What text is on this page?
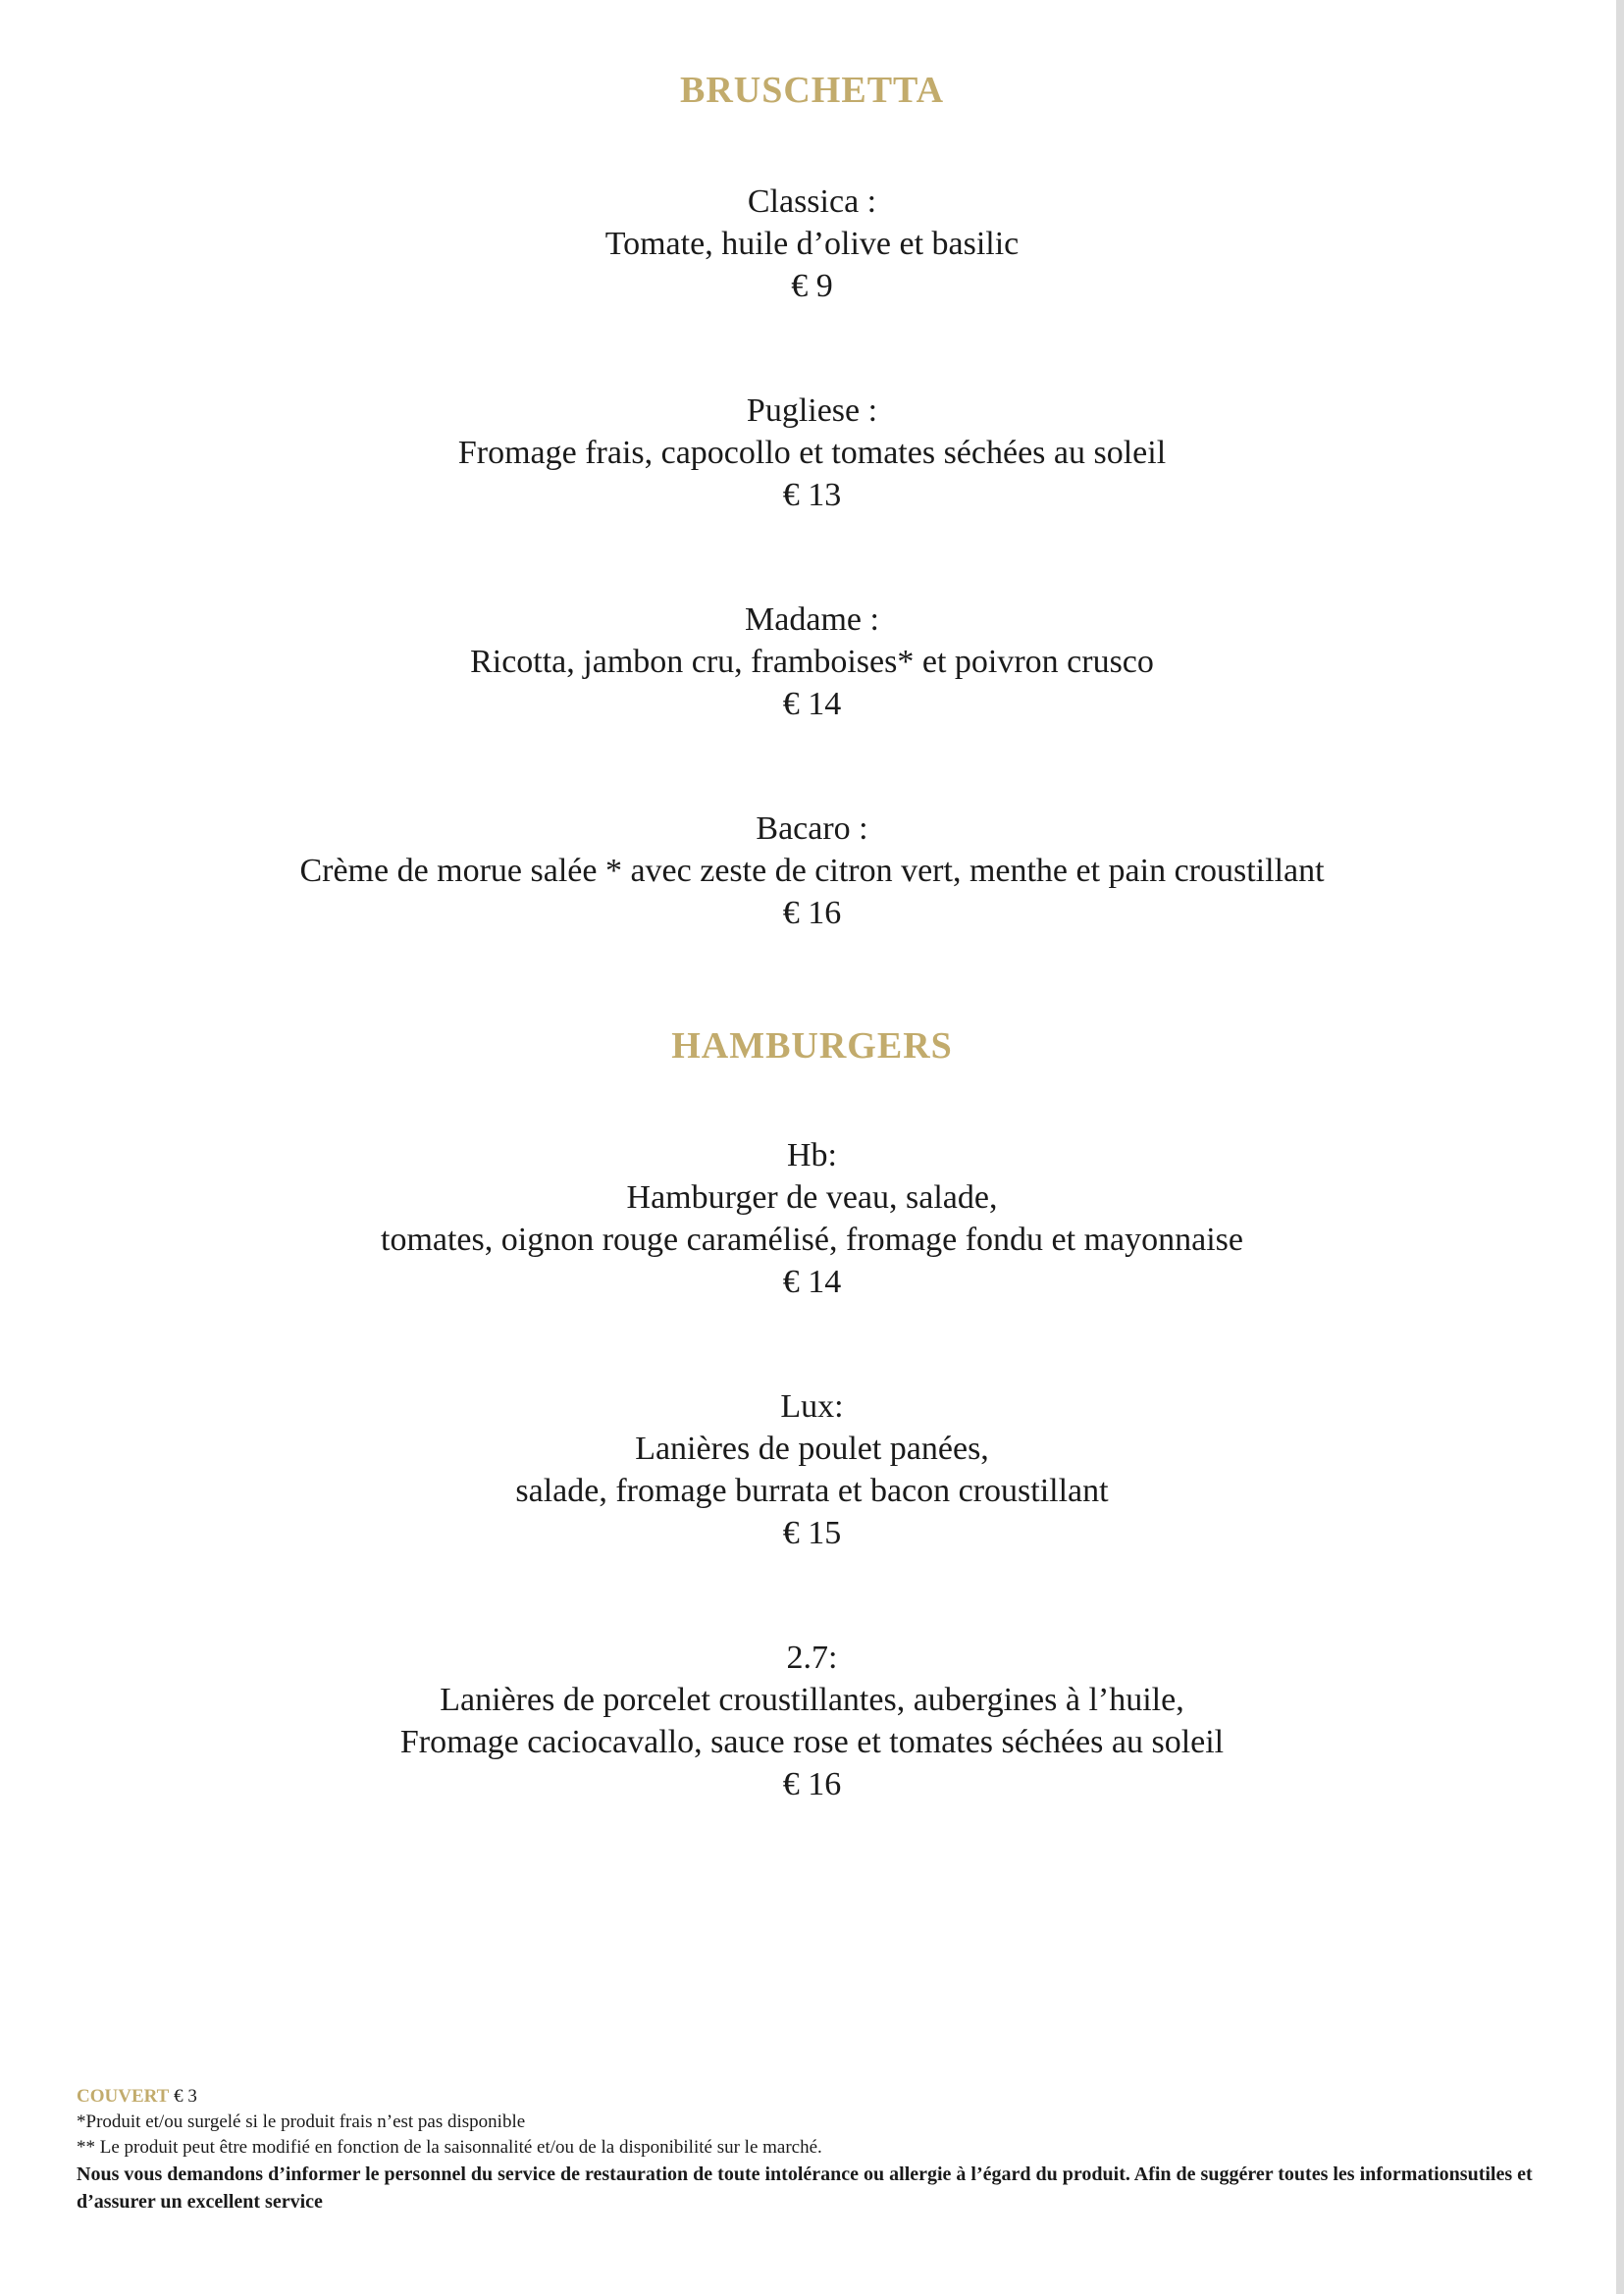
BRUSCHETTA
Classica :
Tomate, huile d’olive et basilic
€ 9
Pugliese :
Fromage frais, capocollo et tomates séchées au soleil
€ 13
Madame :
Ricotta, jambon cru, framboises* et poivron crusco
€ 14
Bacaro :
Crème de morue salée * avec zeste de citron vert, menthe et pain croustillant
€ 16
HAMBURGERS
Hb:
Hamburger de veau, salade,
tomates, oignon rouge caramélisé, fromage fondu et mayonnaise
€ 14
Lux:
Lanières de poulet panées,
salade, fromage burrata et bacon croustillant
€ 15
2.7:
Lanières de porcelet croustillantes, aubergines à l’huile,
Fromage caciocavallo, sauce rose et tomates séchées au soleil
€ 16
COUVERT € 3
*Produit et/ou surgelé si le produit frais n’est pas disponible
** Le produit peut être modifié en fonction de la saisonnalité et/ou de la disponibilité sur le marché.
Nous vous demandons d’informer le personnel du service de restauration de toute intolérance ou allergie à l’égard du produit. Afin de suggérer toutes les informationsutiles et d’assurer un excellent service
